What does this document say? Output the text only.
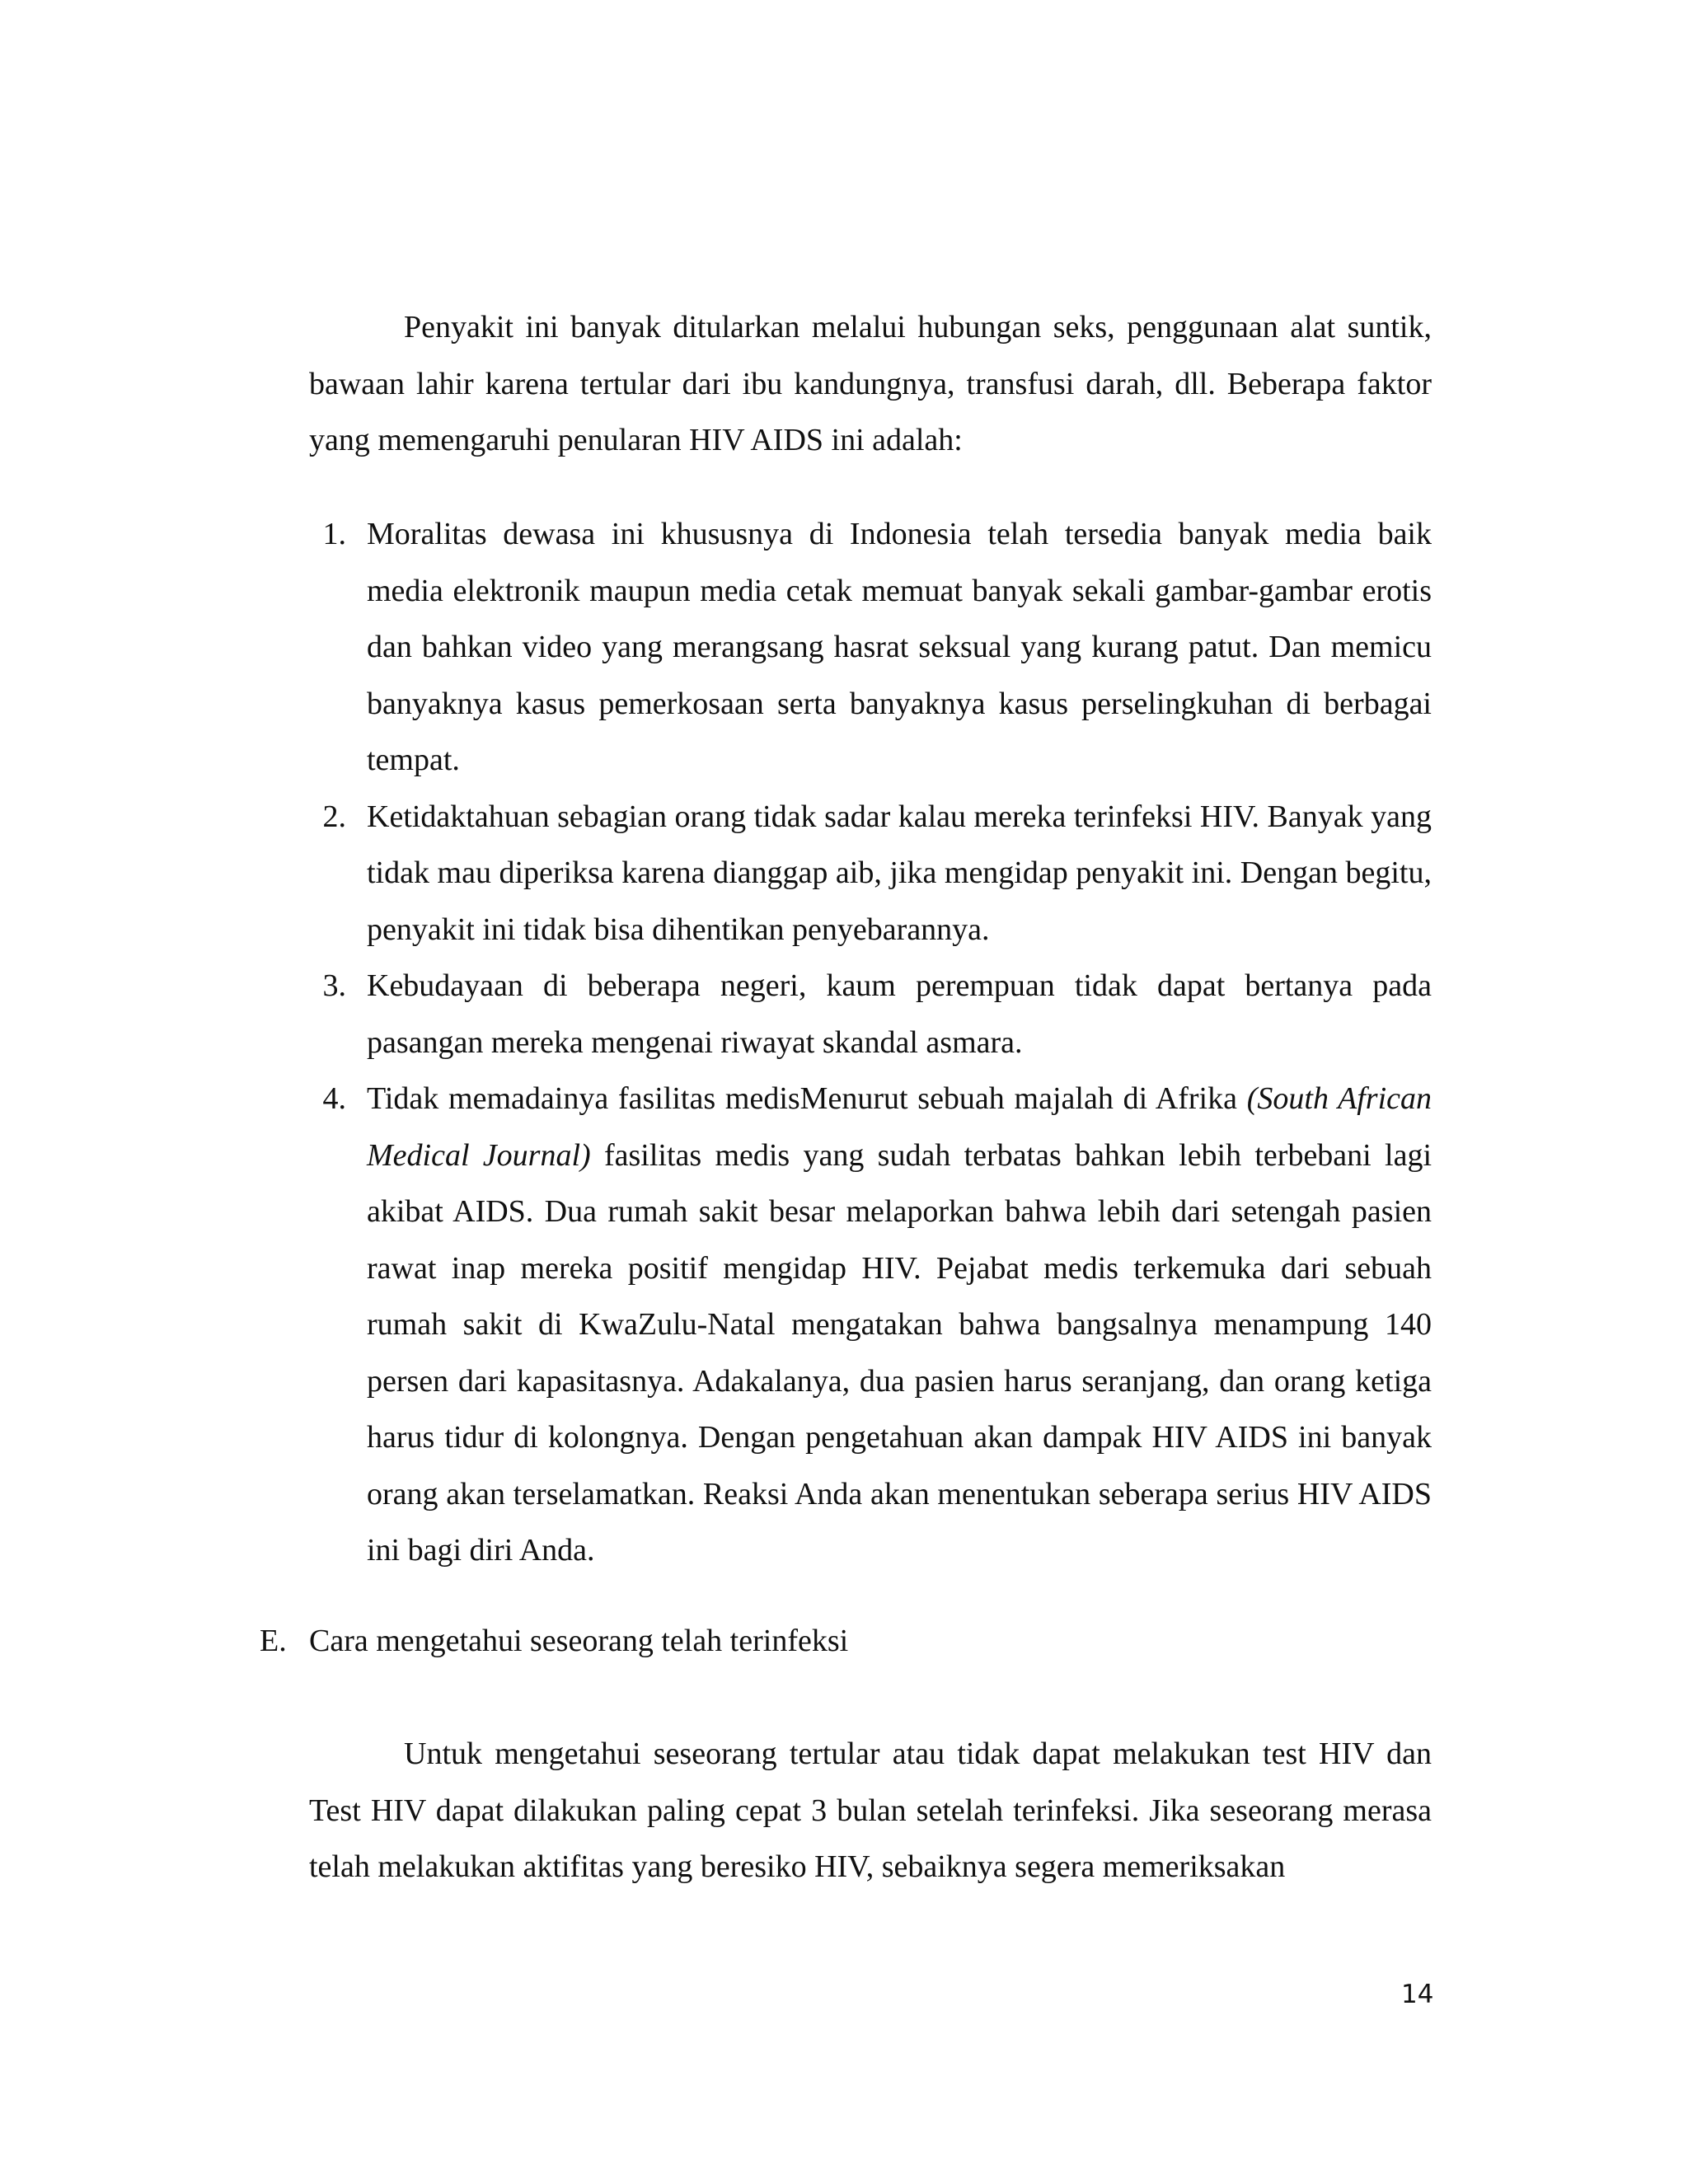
Penyakit ini banyak ditularkan melalui hubungan seks, penggunaan alat suntik, bawaan lahir karena tertular dari ibu kandungnya, transfusi darah, dll. Beberapa faktor yang memengaruhi penularan HIV AIDS ini adalah:

1. Moralitas dewasa ini khususnya di Indonesia telah tersedia banyak media baik media elektronik maupun media cetak memuat banyak sekali gambar-gambar erotis dan bahkan video yang merangsang hasrat seksual yang kurang patut. Dan memicu banyaknya kasus pemerkosaan serta banyaknya kasus perselingkuhan di berbagai tempat.
2. Ketidaktahuan sebagian orang tidak sadar kalau mereka terinfeksi HIV. Banyak yang tidak mau diperiksa karena dianggap aib, jika mengidap penyakit ini. Dengan begitu, penyakit ini tidak bisa dihentikan penyebarannya.
3. Kebudayaan di beberapa negeri, kaum perempuan tidak dapat bertanya pada pasangan mereka mengenai riwayat skandal asmara.
4. Tidak memadainya fasilitas medisMenurut sebuah majalah di Afrika (South African Medical Journal) fasilitas medis yang sudah terbatas bahkan lebih terbebani lagi akibat AIDS. Dua rumah sakit besar melaporkan bahwa lebih dari setengah pasien rawat inap mereka positif mengidap HIV. Pejabat medis terkemuka dari sebuah rumah sakit di KwaZulu-Natal mengatakan bahwa bangsalnya menampung 140 persen dari kapasitasnya. Adakalanya, dua pasien harus seranjang, dan orang ketiga harus tidur di kolongnya. Dengan pengetahuan akan dampak HIV AIDS ini banyak orang akan terselamatkan. Reaksi Anda akan menentukan seberapa serius HIV AIDS ini bagi diri Anda.
E. Cara mengetahui seseorang telah terinfeksi

Untuk mengetahui seseorang tertular atau tidak dapat melakukan test HIV dan Test HIV dapat dilakukan paling cepat 3 bulan setelah terinfeksi. Jika seseorang merasa telah melakukan aktifitas yang beresiko HIV, sebaiknya segera memeriksakan

14
